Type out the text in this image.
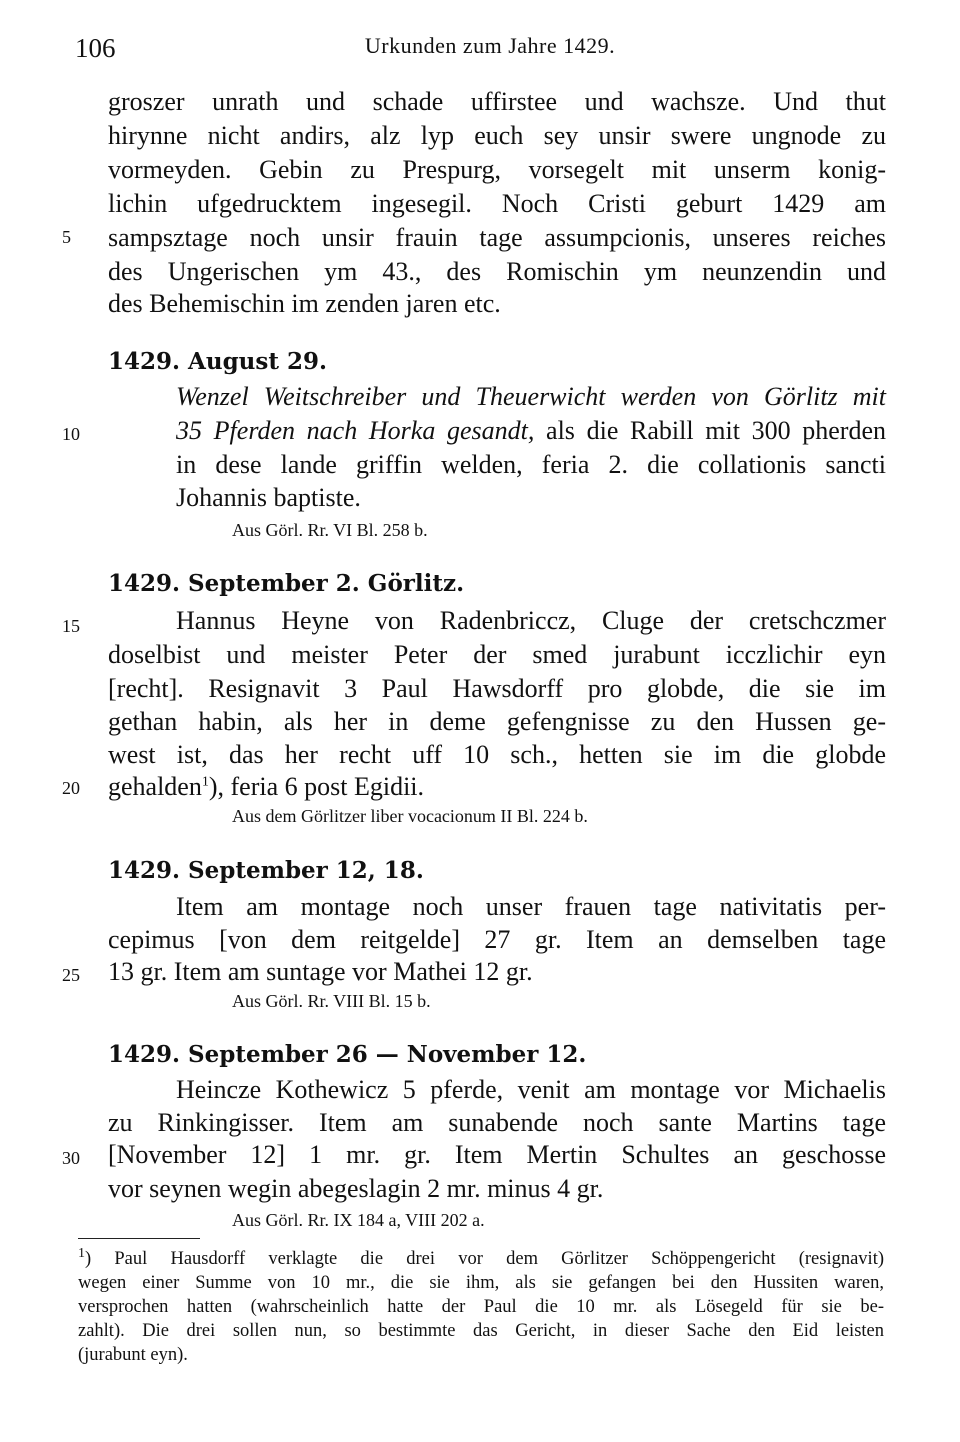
106	Urkunden zum Jahre 1429.
groszer unrath und schade uffirstee und wachsze. Und thut
hirynne nicht andirs, alz lyp euch sey unsir swere ungnode zu
vormeyden. Gebin zu Prespurg, vorsegelt mit unserm konig-
lichin ufgedrucktem ingesegil. Noch Cristi geburt 1429 am
sampsztage noch unsir frauin tage assumpcionis, unseres reiches
des Ungerischen ym 43., des Romischin ym neunzendin und
des Behemischin im zenden jaren etc.
5
10
15
20
25
30
1429. August 29.
Wenzel Weitschreiber und Theuerwicht werden von Görlitz mit
35 Pferden nach Horka gesandt, als die Rabill mit 300 pherden
in dese lande griffin welden, feria 2. die collationis sancti
Johannis baptiste.
Aus Görl. Rr. VI Bl. 258 b.
1429. September 2. Görlitz.
Hannus Heyne von Radenbriccz, Cluge der cretschczmer
doselbist und meister Peter der smed jurabunt icczlichir eyn
[recht]. Resignavit 3 Paul Hawsdorff pro globde, die sie im
gethan habin, als her in deme gefengnisse zu den Hussen ge-
west ist, das her recht uff 10 sch., hetten sie im die globde
gehalden$^1$), feria 6 post Egidii.
Aus dem Görlitzer liber vocacionum II Bl. 224 b.
1429. September 12, 18.
Item am montage noch unser frauen tage nativitatis per-
cepimus [von dem reitgelde] 27 gr. Item an demselben tage
13 gr. Item am suntage vor Mathei 12 gr.
Aus Görl. Rr. VIII Bl. 15 b.
1429. September 26 — November 12.
Heincze Kothewicz 5 pferde, venit am montage vor Michaelis
zu Rinkingisser. Item am sunabende noch sante Martins tage
[November 12] 1 mr. gr. Item Mertin Schultes an geschosse
vor seynen wegin abegeslagin 2 mr. minus 4 gr.
Aus Görl. Rr. IX 184 a, VIII 202 a.
$^1$) Paul Hausdorff verklagte die drei vor dem Görlitzer Schöppengericht (resignavit)
wegen einer Summe von 10 mr., die sie ihm, als sie gefangen bei den Hussiten waren,
versprochen hatten (wahrscheinlich hatte der Paul die 10 mr. als Lösegeld für sie be-
zahlt). Die drei sollen nun, so bestimmte das Gericht, in dieser Sache den Eid leisten
(jurabunt eyn).
